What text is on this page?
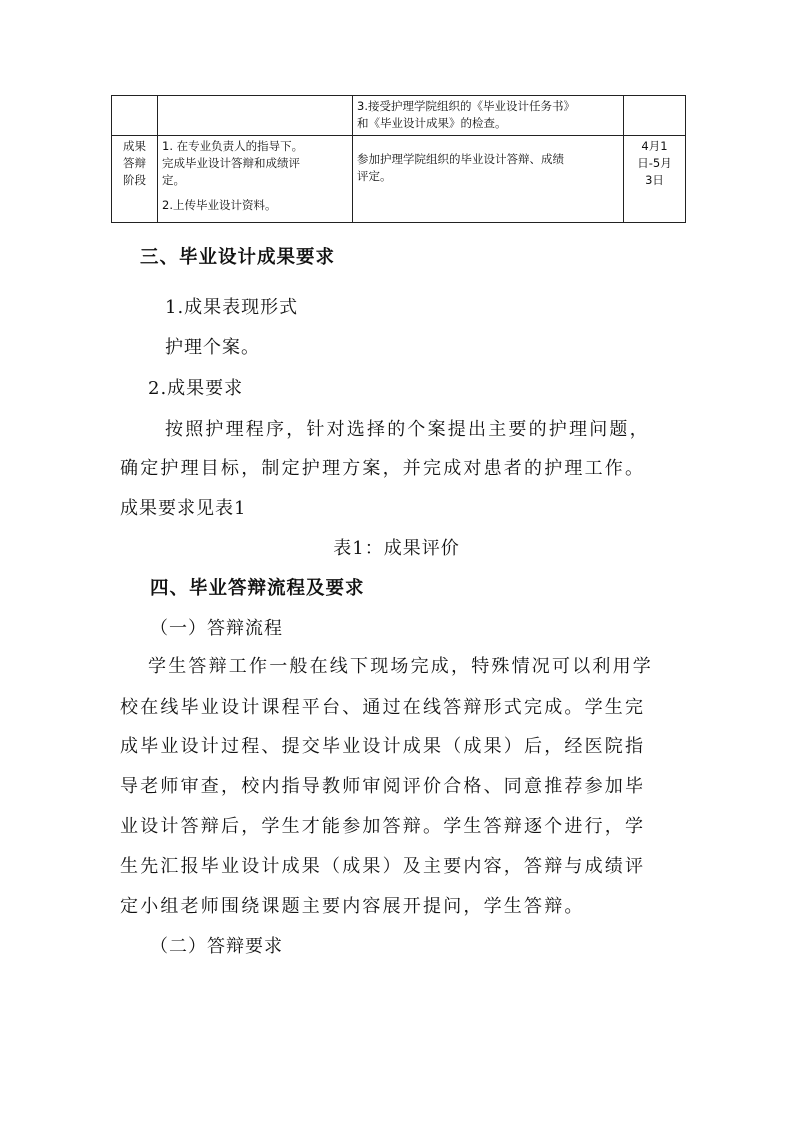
		3.接受护理学院组织的《毕业设计任务书》
和《毕业设计成果》的检查。	

成果
答辩
阶段	1. 在专业负责人的指导下。
完成毕业设计答辩和成绩评
定。
2.上传毕业设计资料。	参加护理学院组织的毕业设计答辩、成绩
评定。	4月1
日-5月
3日
三、毕业设计成果要求
1.成果表现形式
护理个案。
2.成果要求
按照护理程序，针对选择的个案提出主要的护理问题，
确定护理目标，制定护理方案，并完成对患者的护理工作。
成果要求见表1
表1：成果评价
四、毕业答辩流程及要求
（一）答辩流程
学生答辩工作一般在线下现场完成，特殊情况可以利用学
校在线毕业设计课程平台、通过在线答辩形式完成。学生完
成毕业设计过程、提交毕业设计成果（成果）后，经医院指
导老师审查，校内指导教师审阅评价合格、同意推荐参加毕
业设计答辩后，学生才能参加答辩。学生答辩逐个进行，学
生先汇报毕业设计成果（成果）及主要内容，答辩与成绩评
定小组老师围绕课题主要内容展开提问，学生答辩。
（二）答辩要求
